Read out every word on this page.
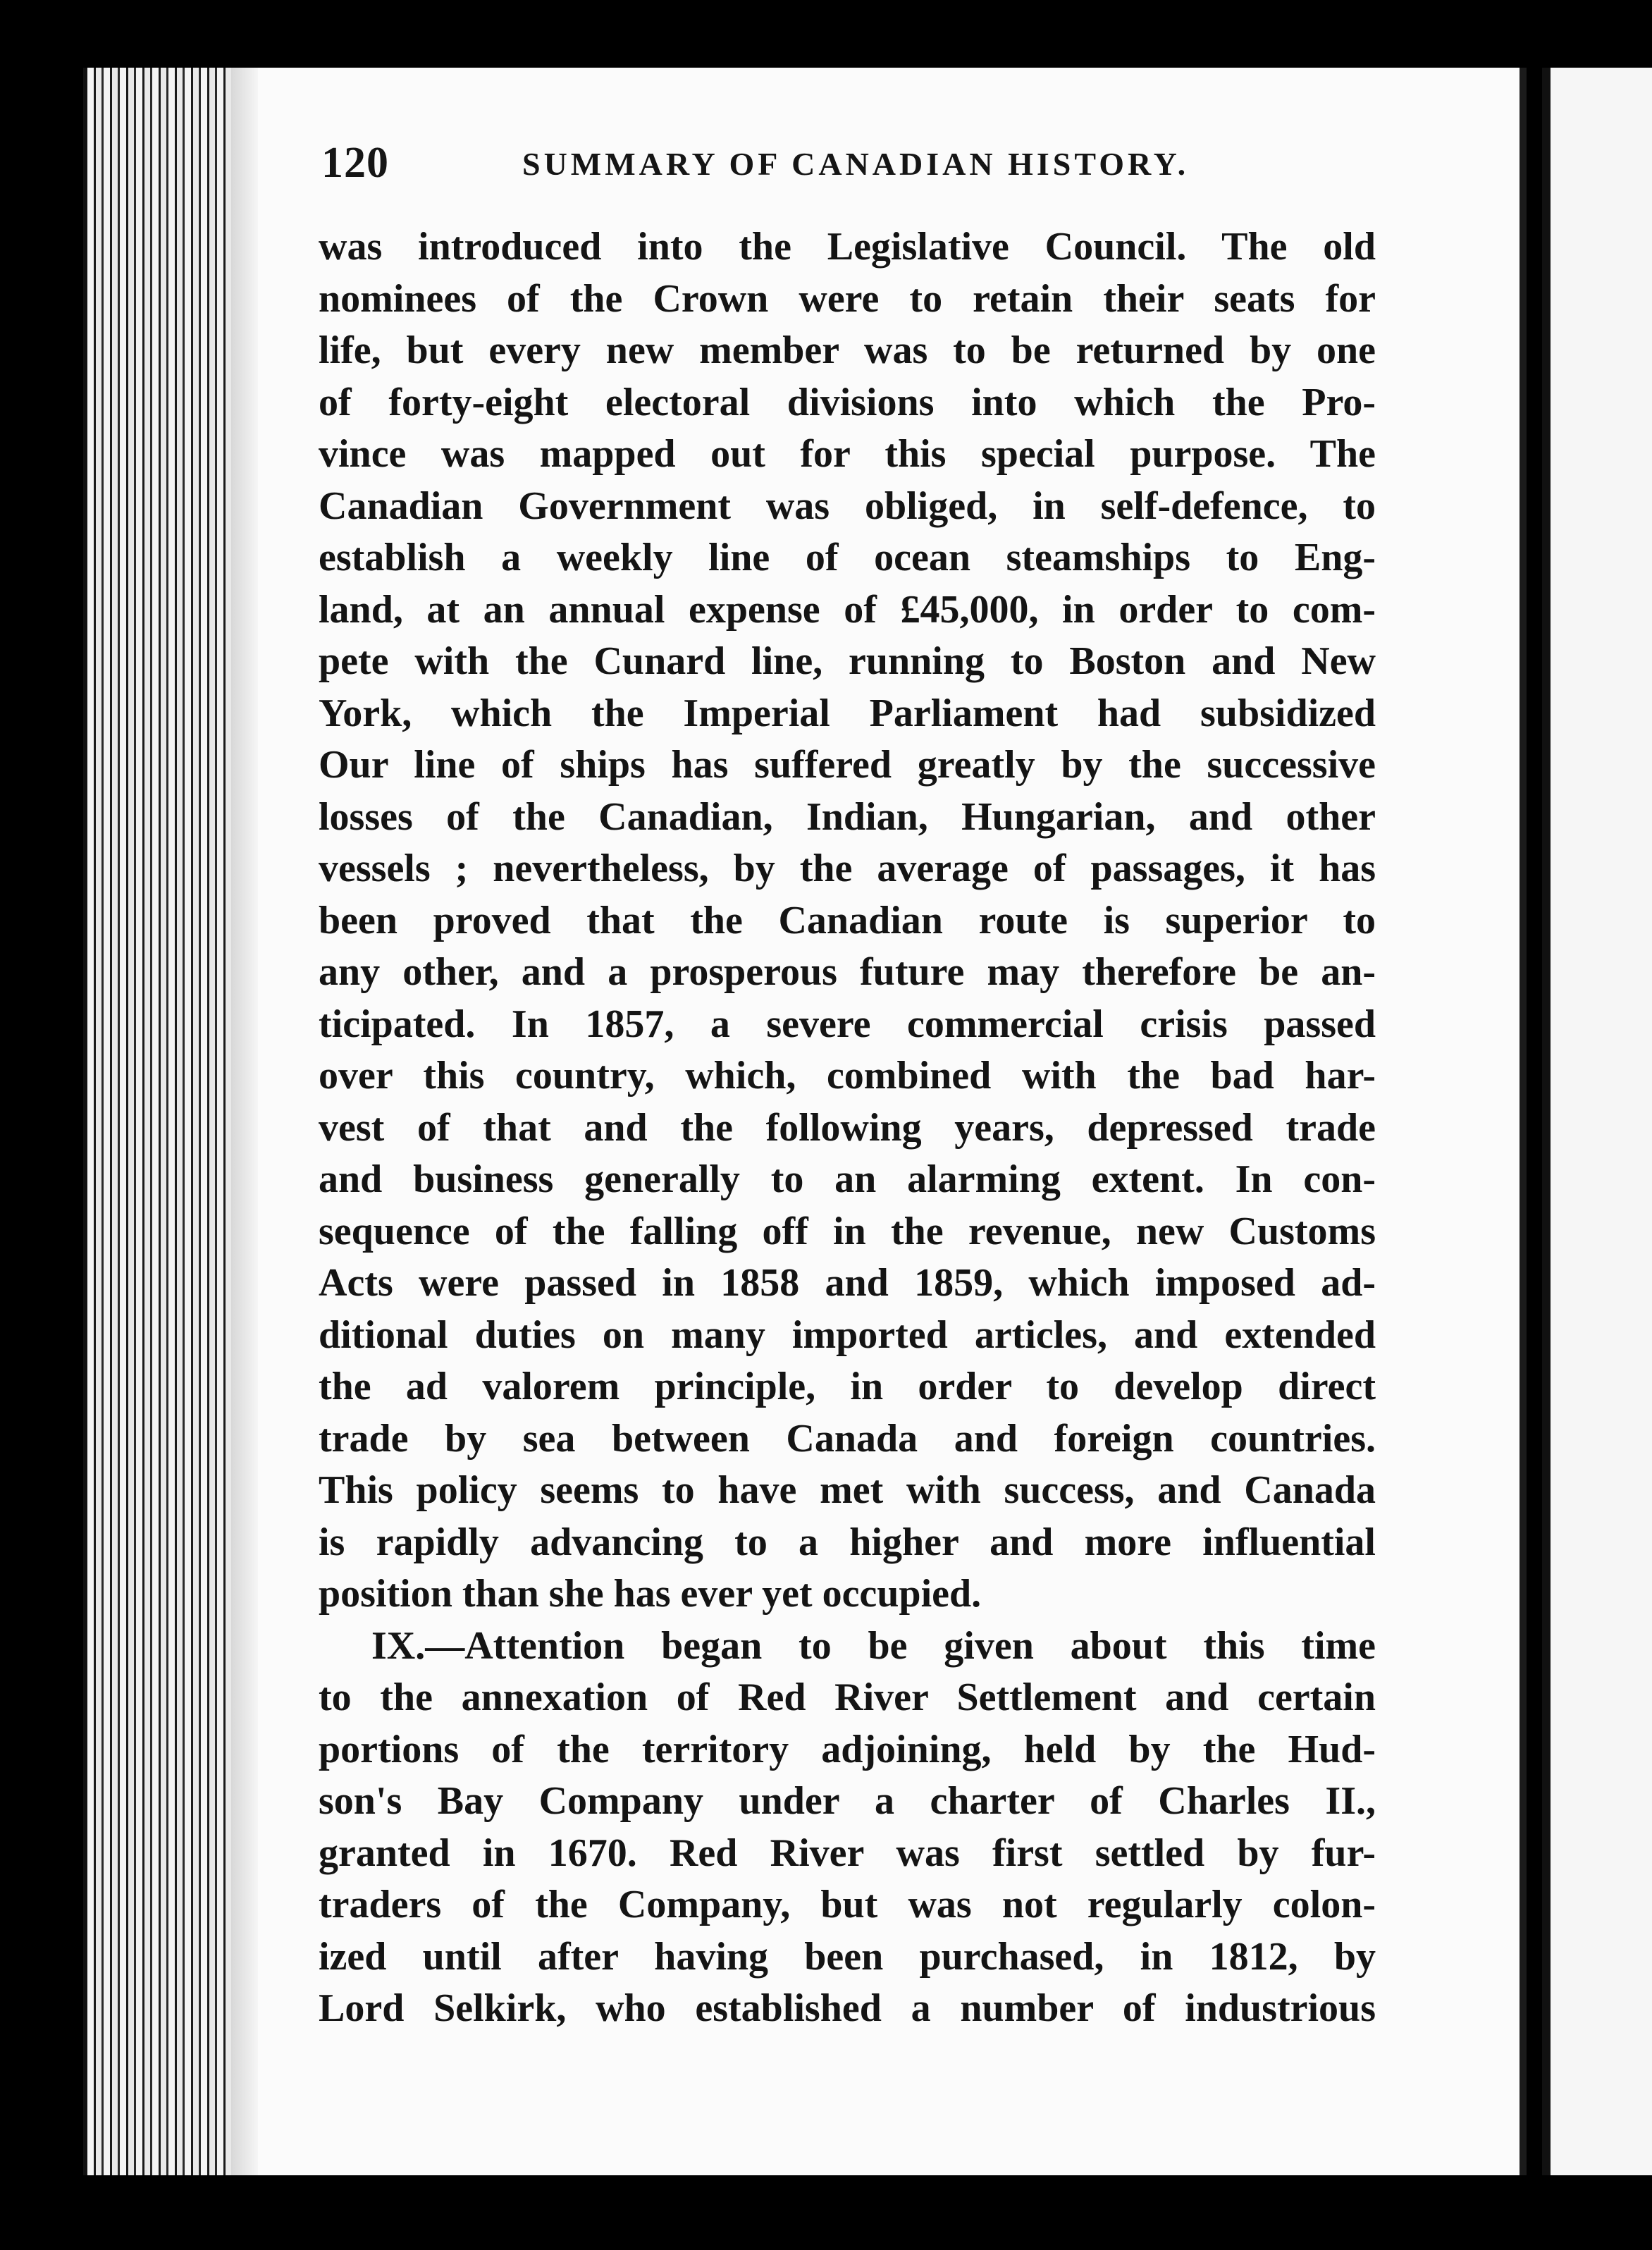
120	SUMMARY OF CANADIAN HISTORY.
was introduced into the Legislative Council. The old
nominees of the Crown were to retain their seats for
life, but every new member was to be returned by one
of forty-eight electoral divisions into which the Pro-
vince was mapped out for this special purpose. The
Canadian Government was obliged, in self-defence, to
establish a weekly line of ocean steamships to Eng-
land, at an annual expense of £45,000, in order to com-
pete with the Cunard line, running to Boston and New
York, which the Imperial Parliament had subsidized
Our line of ships has suffered greatly by the successive
losses of the Canadian, Indian, Hungarian, and other
vessels ; nevertheless, by the average of passages, it has
been proved that the Canadian route is superior to
any other, and a prosperous future may therefore be an-
ticipated. In 1857, a severe commercial crisis passed
over this country, which, combined with the bad har-
vest of that and the following years, depressed trade
and business generally to an alarming extent. In con-
sequence of the falling off in the revenue, new Customs
Acts were passed in 1858 and 1859, which imposed ad-
ditional duties on many imported articles, and extended
the ad valorem principle, in order to develop direct
trade by sea between Canada and foreign countries.
This policy seems to have met with success, and Canada
is rapidly advancing to a higher and more influential
position than she has ever yet occupied.
IX.—Attention began to be given about this time
to the annexation of Red River Settlement and certain
portions of the territory adjoining, held by the Hud-
son's Bay Company under a charter of Charles II.,
granted in 1670. Red River was first settled by fur-
traders of the Company, but was not regularly colon-
ized until after having been purchased, in 1812, by
Lord Selkirk, who established a number of industrious
